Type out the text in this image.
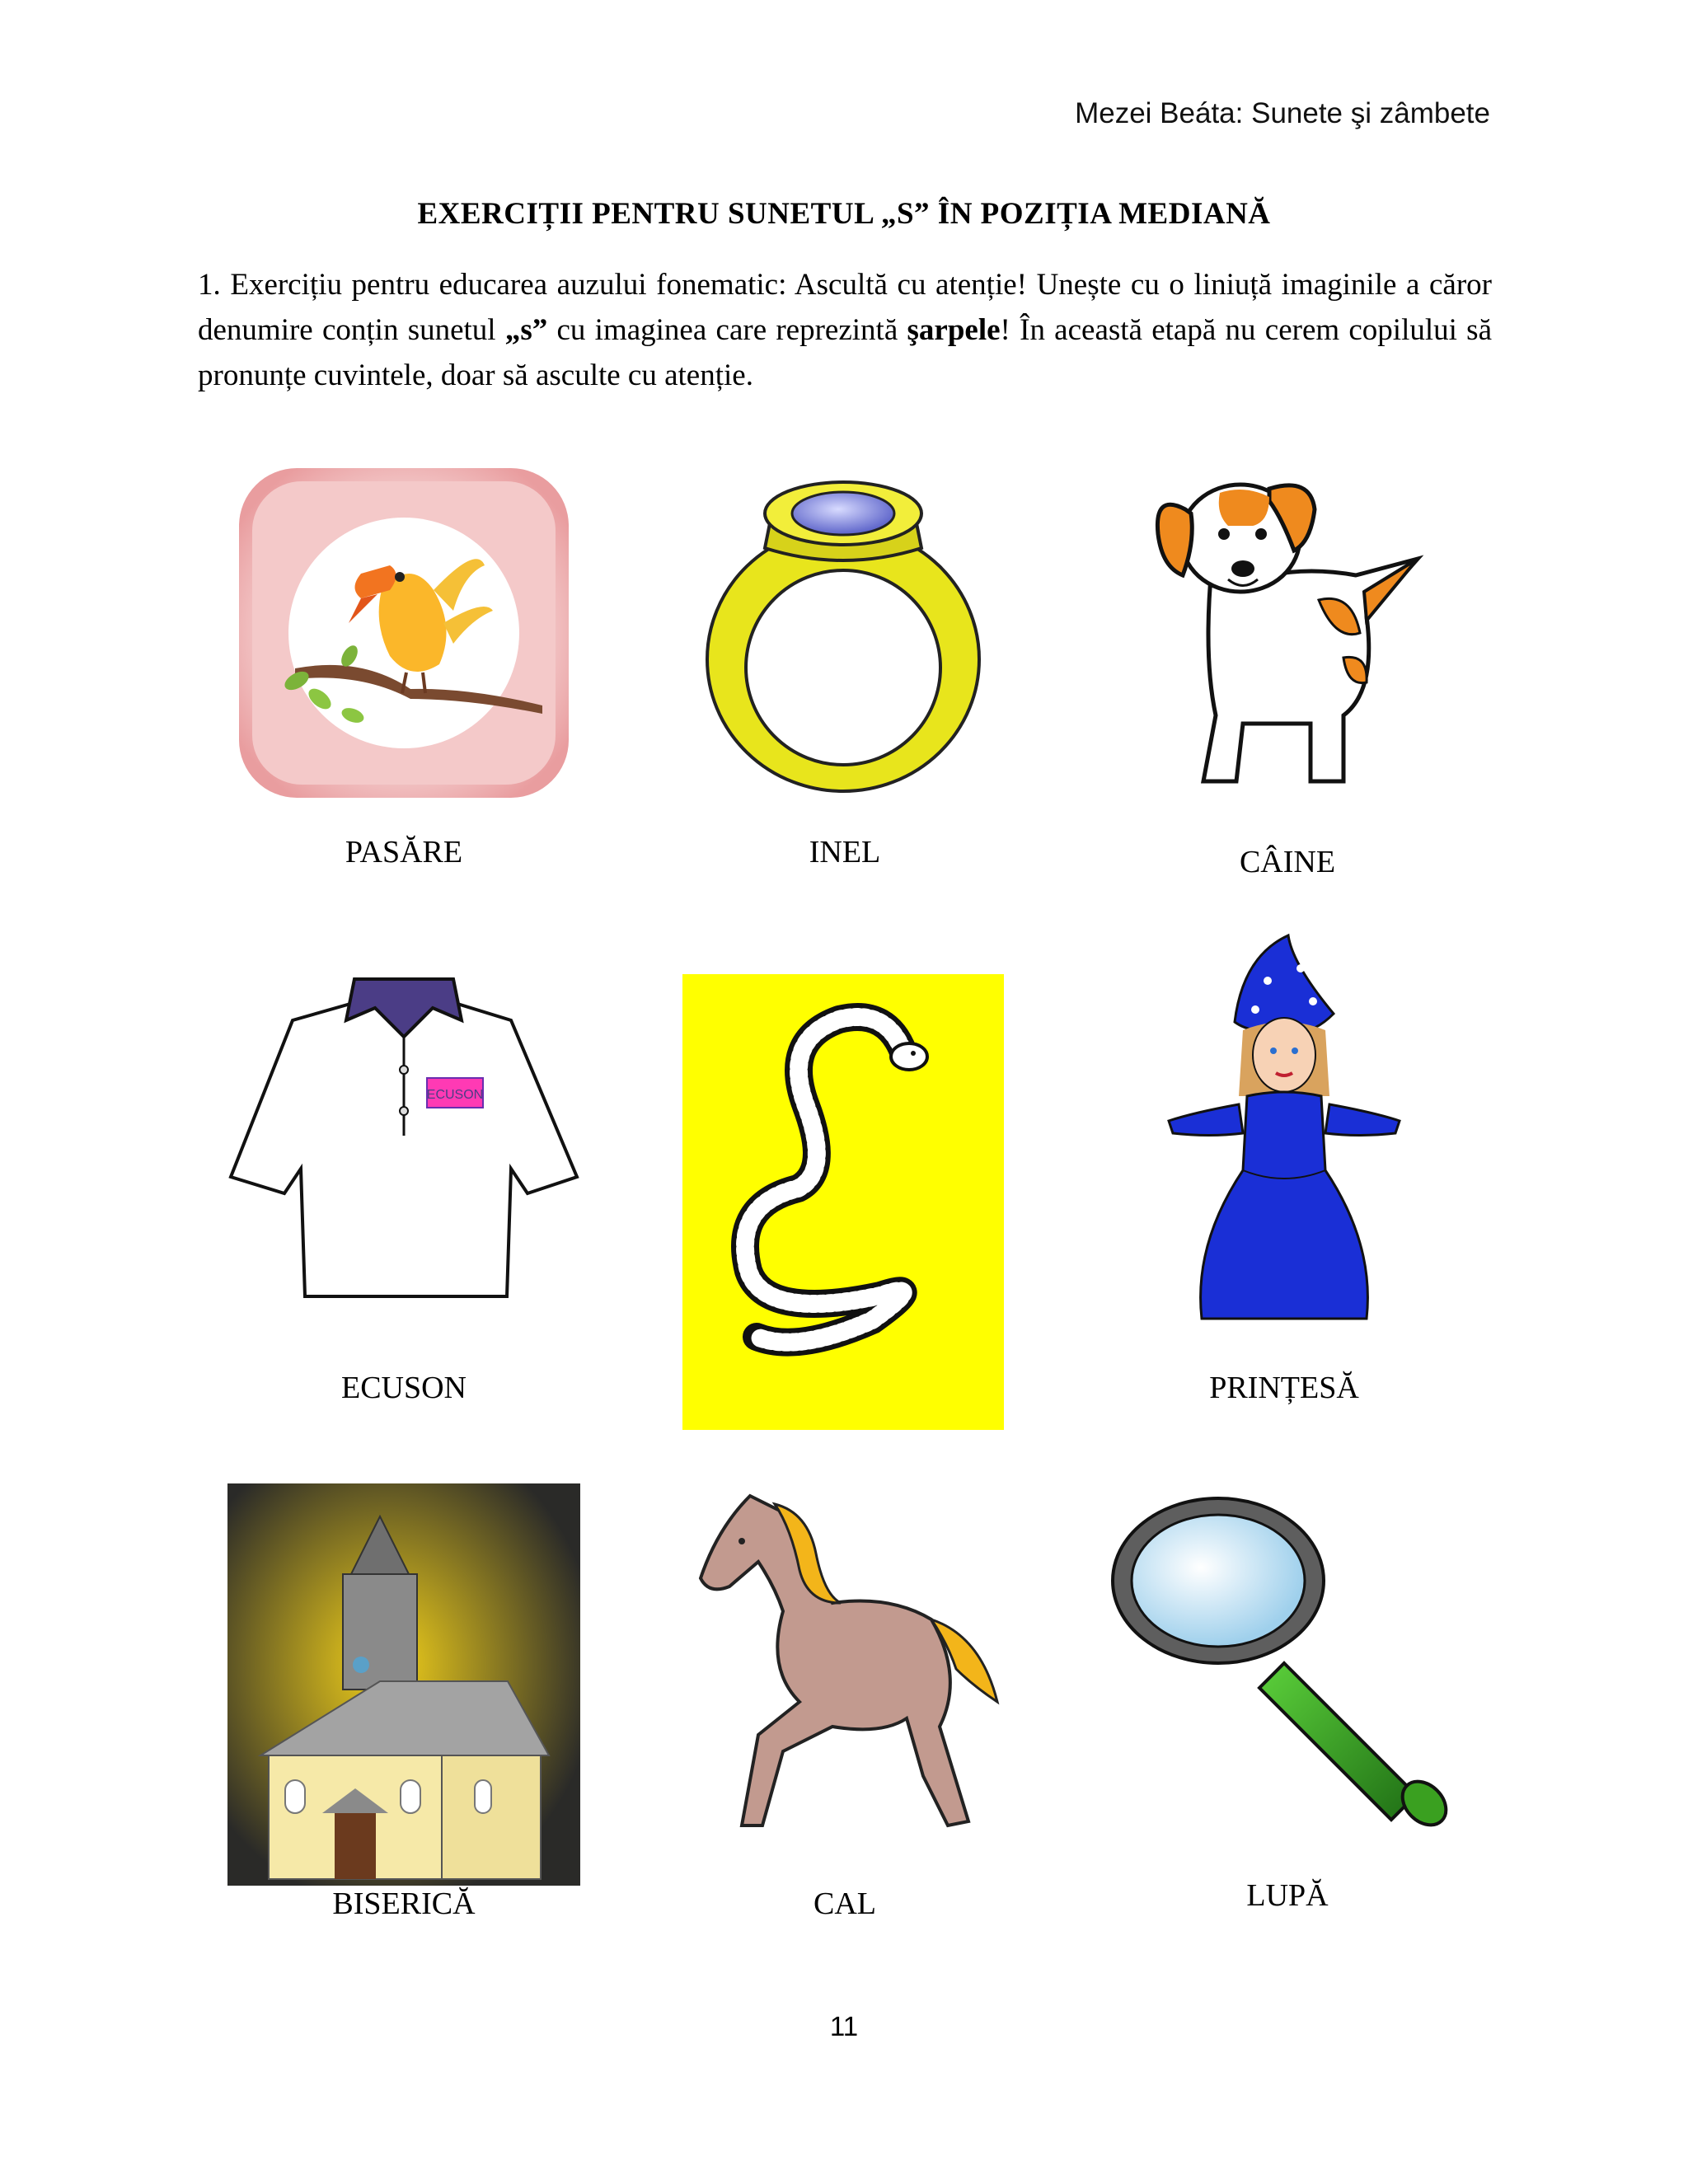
Mezei Beáta: Sunete şi zâmbete
EXERCIȚII PENTRU SUNETUL „S” ÎN POZIȚIA MEDIANĂ
1. Exercițiu pentru educarea auzului fonematic: Ascultă cu atenție! Unește cu o liniuță imaginile a căror denumire conțin sunetul „s” cu imaginea care reprezintă şarpele! În această etapă nu cerem copilului să pronunțe cuvintele, doar să asculte cu atenție.
PASĂRE	INEL	CÂINE
ECUSON
ECUSON	PRINȚESĂ
BISERICĂ	CAL	LUPĂ
11
